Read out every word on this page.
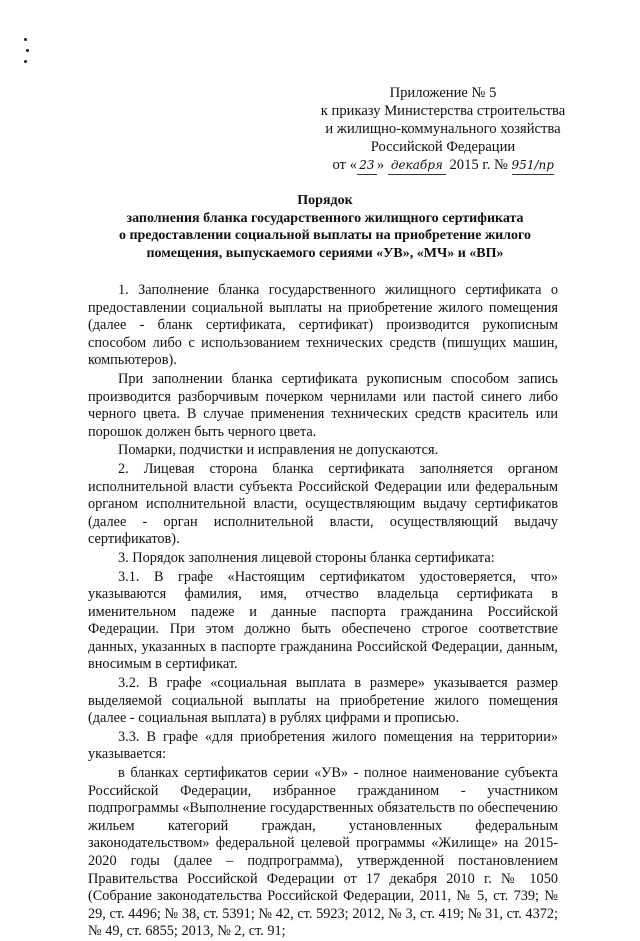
Приложение № 5
к приказу Министерства строительства
и жилищно-коммунального хозяйства
Российской Федерации
от « 23 » декабря 2015 г. № 951/пр
Порядок
заполнения бланка государственного жилищного сертификата
о предоставлении социальной выплаты на приобретение жилого
помещения, выпускаемого сериями «УВ», «МЧ» и «ВП»

1. Заполнение бланка государственного жилищного сертификата о предоставлении социальной выплаты на приобретение жилого помещения (далее - бланк сертификата, сертификат) производится рукописным способом либо с использованием технических средств (пишущих машин, компьютеров).

При заполнении бланка сертификата рукописным способом запись производится разборчивым почерком чернилами или пастой синего либо черного цвета. В случае применения технических средств краситель или порошок должен быть черного цвета.

Помарки, подчистки и исправления не допускаются.

2. Лицевая сторона бланка сертификата заполняется органом исполнительной власти субъекта Российской Федерации или федеральным органом исполнительной власти, осуществляющим выдачу сертификатов (далее - орган исполнительной власти, осуществляющий выдачу сертификатов).

3. Порядок заполнения лицевой стороны бланка сертификата:

3.1. В графе «Настоящим сертификатом удостоверяется, что» указываются фамилия, имя, отчество владельца сертификата в именительном падеже и данные паспорта гражданина Российской Федерации. При этом должно быть обеспечено строгое соответствие данных, указанных в паспорте гражданина Российской Федерации, данным, вносимым в сертификат.

3.2. В графе «социальная выплата в размере» указывается размер выделяемой социальной выплаты на приобретение жилого помещения (далее - социальная выплата) в рублях цифрами и прописью.

3.3. В графе «для приобретения жилого помещения на территории» указывается:

в бланках сертификатов серии «УВ» - полное наименование субъекта Российской Федерации, избранное гражданином - участником подпрограммы «Выполнение государственных обязательств по обеспечению жильем категорий граждан, установленных федеральным законодательством» федеральной целевой программы «Жилище» на 2015-2020 годы (далее – подпрограмма), утвержденной постановлением Правительства Российской Федерации от 17 декабря 2010 г. № 1050 (Собрание законодательства Российской Федерации, 2011, № 5, ст. 739; № 29, ст. 4496; № 38, ст. 5391; № 42, ст. 5923; 2012, № 3, ст. 419; № 31, ст. 4372; № 49, ст. 6855; 2013, № 2, ст. 91;
